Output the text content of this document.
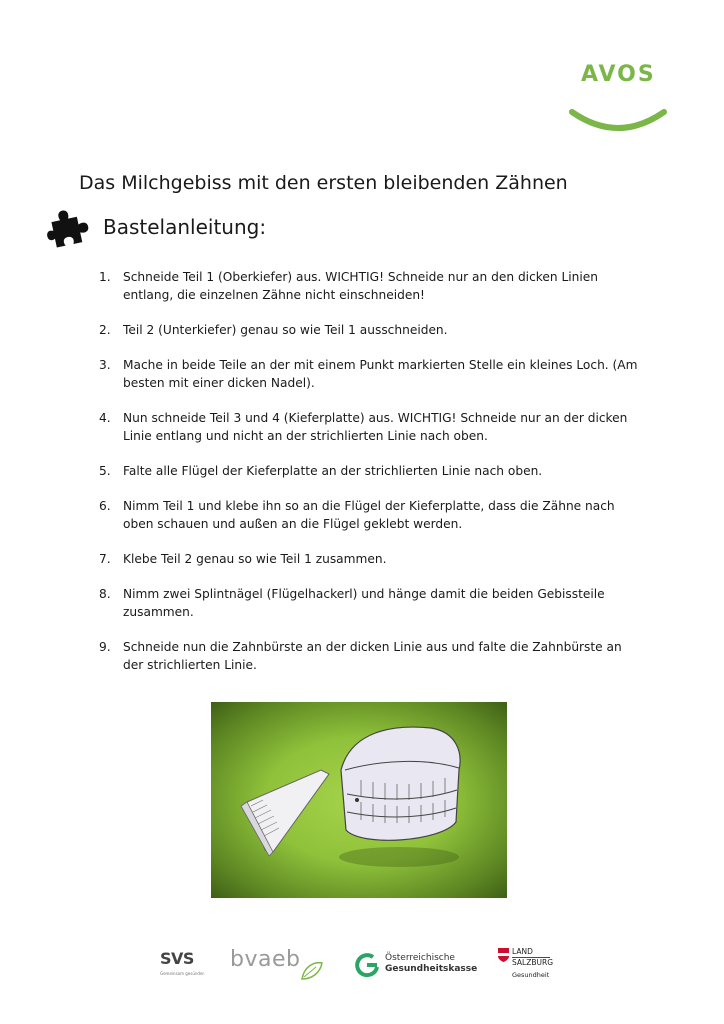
AVOS
Das Milchgebiss mit den ersten bleibenden Zähnen
Bastelanleitung:
1. Schneide Teil 1 (Oberkiefer) aus. WICHTIG! Schneide nur an den dicken Linien entlang, die einzelnen Zähne nicht einschneiden!
2. Teil 2 (Unterkiefer) genau so wie Teil 1 ausschneiden.
3. Mache in beide Teile an der mit einem Punkt markierten Stelle ein kleines Loch. (Am besten mit einer dicken Nadel).
4. Nun schneide Teil 3 und 4 (Kieferplatte) aus. WICHTIG! Schneide nur an der dicken Linie entlang und nicht an der strichlierten Linie nach oben.
5. Falte alle Flügel der Kieferplatte an der strichlierten Linie nach oben.
6. Nimm Teil 1 und klebe ihn so an die Flügel der Kieferplatte, dass die Zähne nach oben schauen und außen an die Flügel geklebt werden.
7. Klebe Teil 2 genau so wie Teil 1 zusammen.
8. Nimm zwei Splintnägel (Flügelhackerl) und hänge damit die beiden Gebissteile zusammen.
9. Schneide nun die Zahnbürste an der dicken Linie aus und falte die Zahnbürste an der strichlierten Linie.
SVS
Gemeinsam gesünder.
bvaeb	Österreichische
Gesundheitskasse
LAND
SALZBURG
Gesundheit
